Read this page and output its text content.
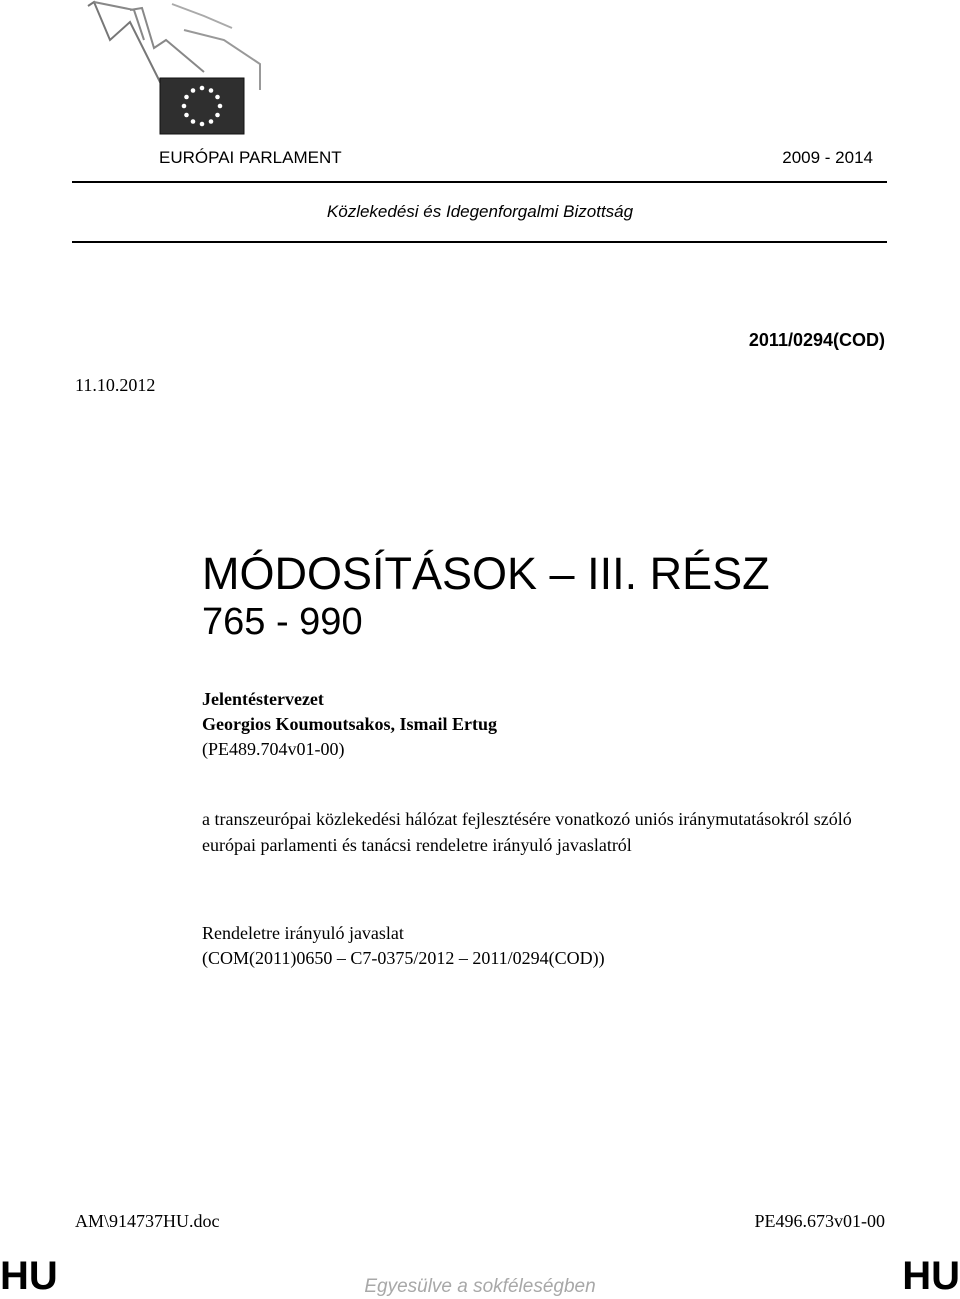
EURÓPAI PARLAMENT	2009 - 2014
Közlekedési és Idegenforgalmi Bizottság
2011/0294(COD)
11.10.2012
MÓDOSÍTÁSOK – III. RÉSZ
765 - 990
Jelentéstervezet
Georgios Koumoutsakos, Ismail Ertug
(PE489.704v01-00)
a transzeurópai közlekedési hálózat fejlesztésére vonatkozó uniós iránymutatásokról szóló európai parlamenti és tanácsi rendeletre irányuló javaslatról
Rendeletre irányuló javaslat
(COM(2011)0650 – C7-0375/2012 – 2011/0294(COD))
AM\914737HU.doc	PE496.673v01-00
HU	Egyesülve a sokféleségben	HU
